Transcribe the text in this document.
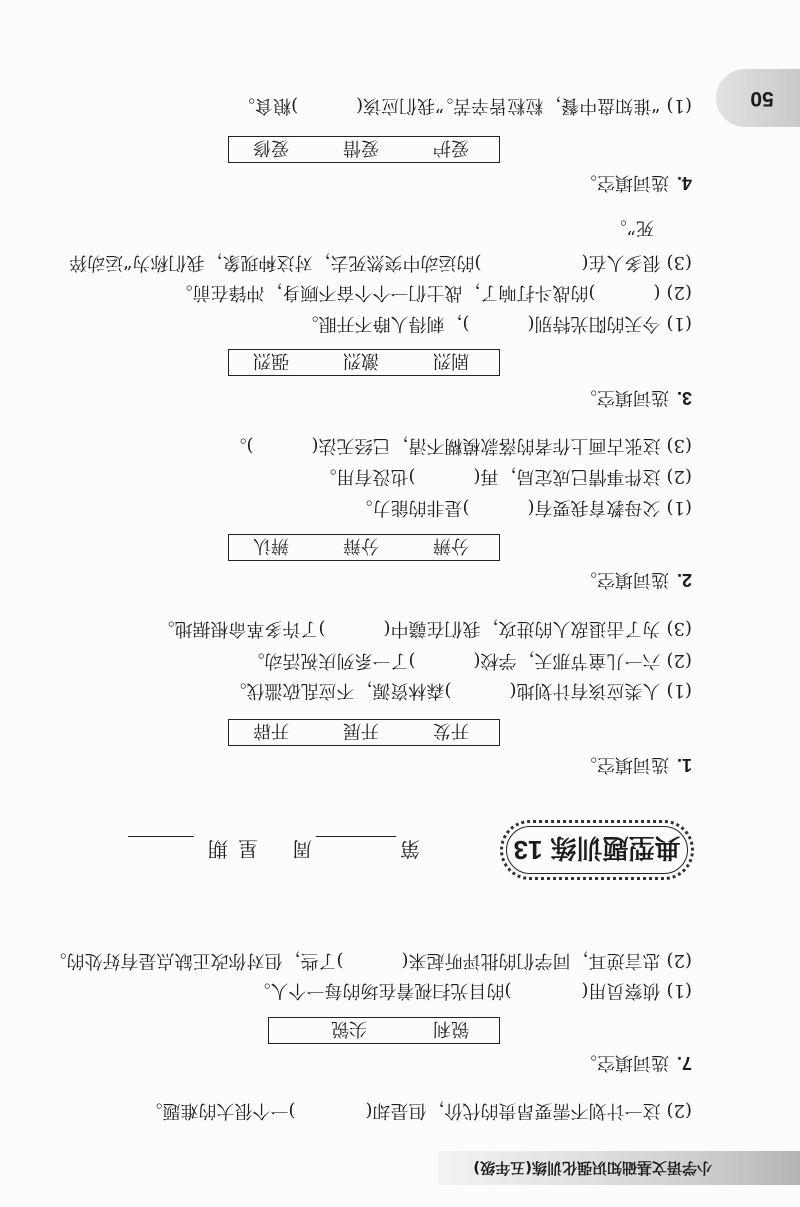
小学语文基础知识强化训练(五年级)
(2)这一计划不需要昂贵的代价，但是却()一个很大的难题。
7.选词填空。
锐利
尖锐
(1)侦察员用()的目光扫视着在场的每一个人。
(2)忠言逆耳，同学们的批评听起来()了些，但对你改正缺点是有好处的。
典型题训练
13
第
周
星期
1.选词填空。
开发
开展
开辟
(1)人类应该有计划地()森林资源，不应乱砍滥伐。
(2)六一儿童节那天，学校()了一系列庆祝活动。
(3)为了击退敌人的进攻，我们在赣中()了许多革命根据地。
2.选词填空。
分辨
分辩
辨认
(1)父母教育我要有()是非的能力。
(2)这件事情已成定局，再()也没有用。
(3)这张古画上作者的落款模糊不清，已经无法()。
3.选词填空。
剧烈
激烈
强烈
(1)今天的阳光特别()，刺得人睁不开眼。
(2)()的战斗打响了，战士们一个个奋不顾身，冲锋在前。
(3)很多人在()的运动中突然死去，对这种现象，我们称为“运动猝
死”。
4.选词填空。
爱护
爱惜
爱修
(1)“谁知盘中餐，粒粒皆辛苦。”我们应该()粮食。	50
